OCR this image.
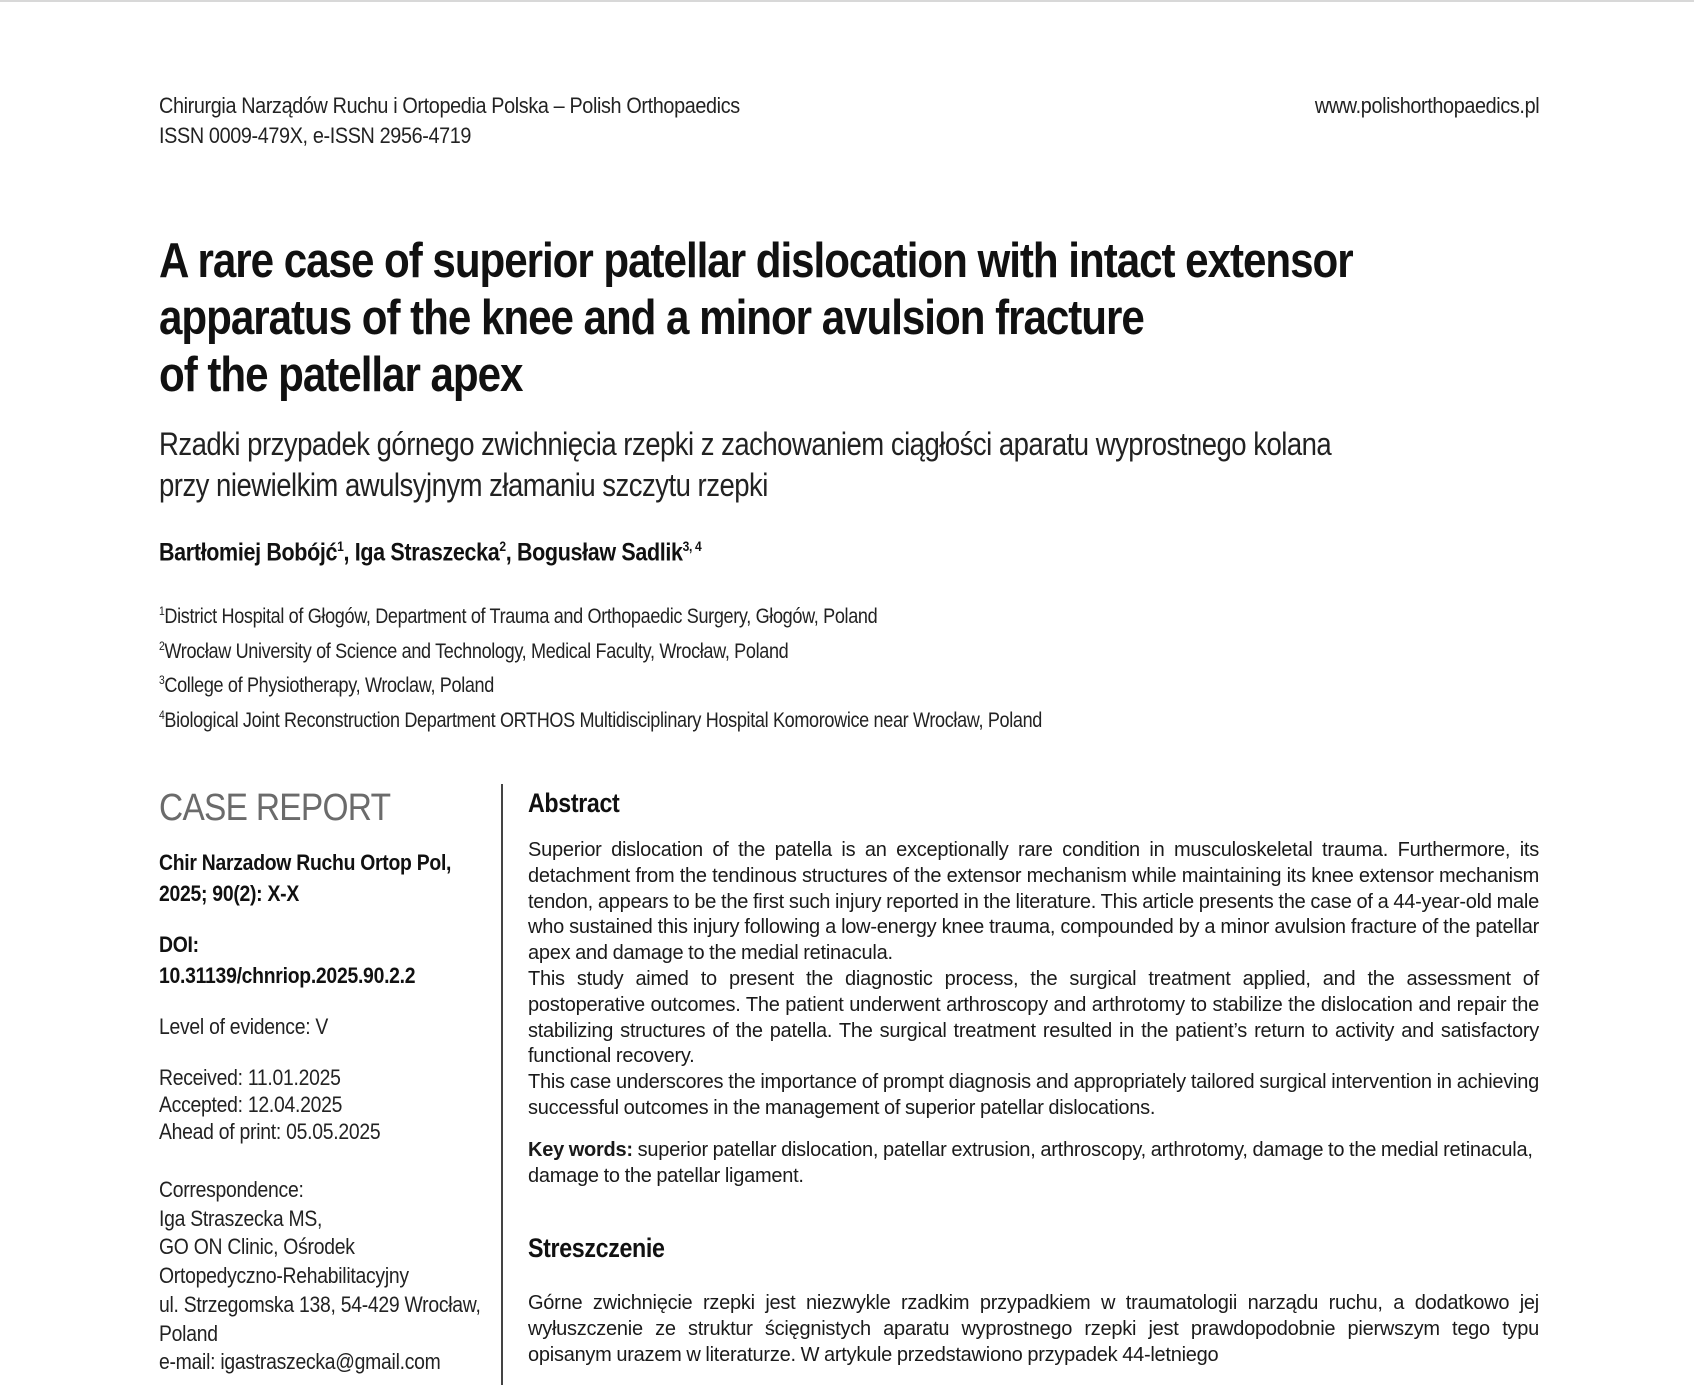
Chirurgia Narządów Ruchu i Ortopedia Polska – Polish Orthopaedics
ISSN 0009-479X, e-ISSN 2956-4719
www.polishorthopaedics.pl
A rare case of superior patellar dislocation with intact extensor
apparatus of the knee and a minor avulsion fracture
of the patellar apex
Rzadki przypadek górnego zwichnięcia rzepki z zachowaniem ciągłości aparatu wyprostnego kolana
przy niewielkim awulsyjnym złamaniu szczytu rzepki
Bartłomiej Bobójć$^1$, Iga Straszecka$^2$, Bogusław Sadlik$^{3, 4}$
$^1$District Hospital of Głogów, Department of Trauma and Orthopaedic Surgery, Głogów, Poland
$^2$Wrocław University of Science and Technology, Medical Faculty, Wrocław, Poland
$^3$College of Physiotherapy, Wroclaw, Poland
$^4$Biological Joint Reconstruction Department ORTHOS Multidisciplinary Hospital Komorowice near Wrocław, Poland
CASE REPORT
Chir Narzadow Ruchu Ortop Pol,
2025; 90(2): X-X
DOI: 10.31139/chnriop.2025.90.2.2
Level of evidence: V
Received: 11.01.2025
Accepted: 12.04.2025
Ahead of print: 05.05.2025
Correspondence:
Iga Straszecka MS,
GO ON Clinic, Ośrodek
Ortopedyczno-Rehabilitacyjny
ul. Strzegomska 138, 54-429 Wrocław,
Poland
e-mail: igastraszecka@gmail.com
Abstract

Superior dislocation of the patella is an exceptionally rare condition in musculoskeletal trauma. Furthermore, its detachment from the tendinous structures of the extensor mechanism while maintaining its knee extensor mechanism tendon, appears to be the first such injury reported in the literature. This article presents the case of a 44-year-old male who sustained this injury following a low-energy knee trauma, compounded by a minor avulsion fracture of the patellar apex and damage to the medial retinacula.

This study aimed to present the diagnostic process, the surgical treatment applied, and the assessment of postoperative outcomes. The patient underwent arthroscopy and arthrotomy to stabilize the dislocation and repair the stabilizing structures of the patella. The surgical treatment resulted in the patient’s return to activity and satisfactory functional recovery.

This case underscores the importance of prompt diagnosis and appropriately tailored surgical intervention in achieving successful outcomes in the management of superior patellar dislocations.

Key words: superior patellar dislocation, patellar extrusion, arthroscopy, arthrotomy, damage to the medial retinacula, damage to the patellar ligament.

Streszczenie

Górne zwichnięcie rzepki jest niezwykle rzadkim przypadkiem w traumatologii narządu ruchu, a dodatkowo jej wyłuszczenie ze struktur ścięgnistych aparatu wyprostnego rzepki jest prawdopodobnie pierwszym tego typu opisanym urazem w literaturze. W artykule przedstawiono przypadek 44-letniego
